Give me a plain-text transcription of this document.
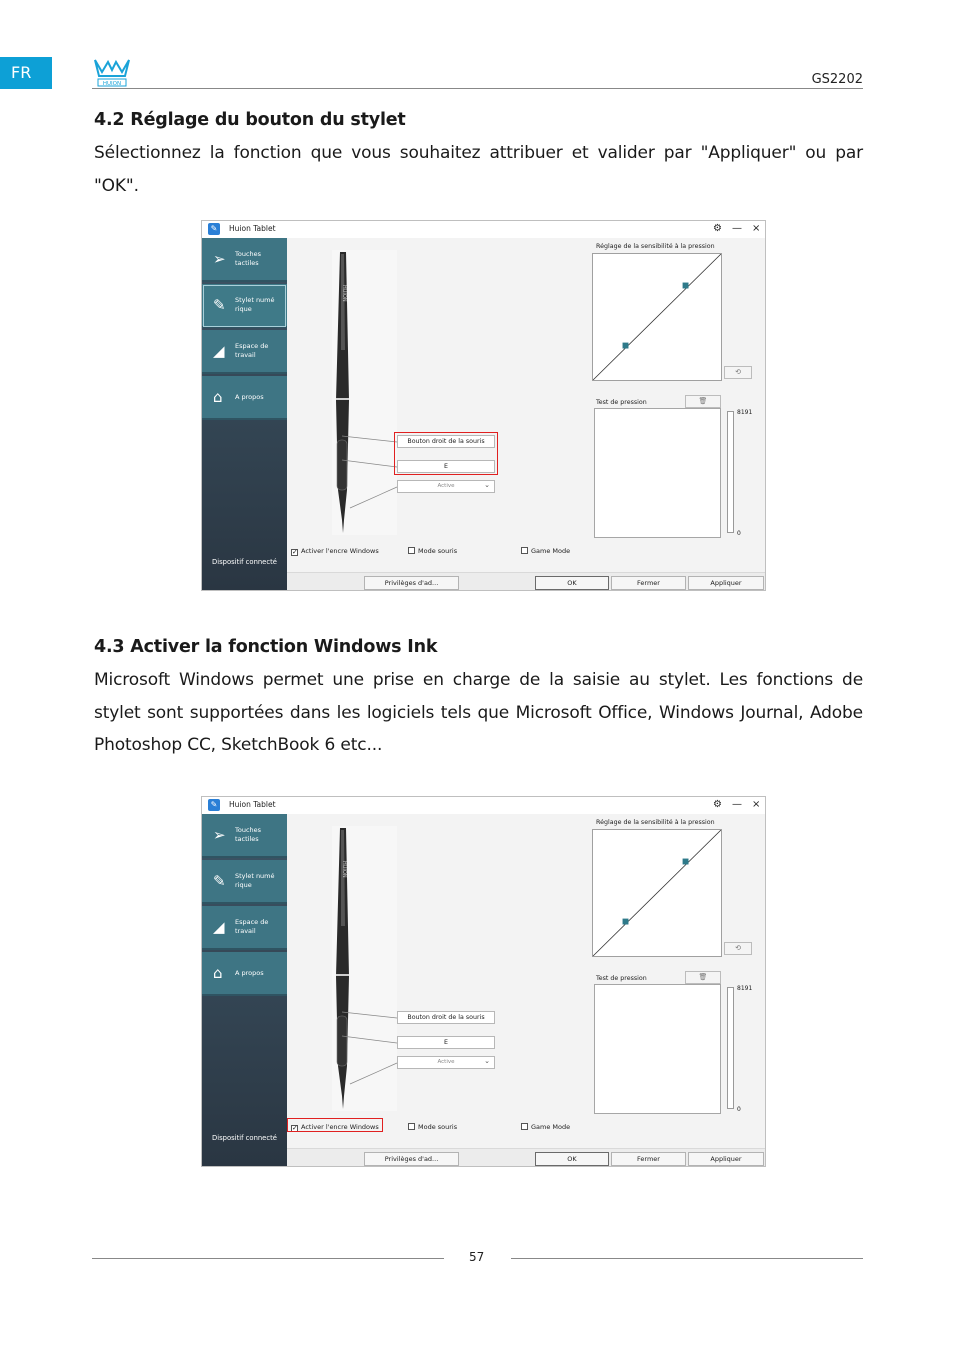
FR
HUION	GS2202
4.2 Réglage du bouton du stylet
Sélectionnez la fonction que vous souhaitez attribuer et valider par "Appliquer" ou par "OK".
✎	Huion Tablet	⚙ — ×
➢ Touches tactiles
✎ Stylet numé rique
◢ Espace de travail
⌂ A propos
Dispositif connecté
HUION
Bouton droit de la souris
E
Active	⌄
Réglage de la sensibilité à la pression
⟲
Test de pression	🗑
8191
0
✓ Activer l'encre Windows	Mode souris	Game Mode
Privilèges d'ad...	OK	Fermer	Appliquer
4.3 Activer la fonction Windows Ink
Microsoft Windows permet une prise en charge de la saisie au stylet. Les fonctions de stylet sont supportées dans les logiciels tels que Microsoft Office, Windows Journal, Adobe Photoshop CC, SketchBook 6 etc...
✎	Huion Tablet	⚙ — ×
➢ Touches tactiles
✎ Stylet numé rique
◢ Espace de travail
⌂ A propos
Dispositif connecté
HUION
Bouton droit de la souris
E
Active	⌄
Réglage de la sensibilité à la pression
⟲
Test de pression	🗑
8191
0
✓ Activer l'encre Windows	Mode souris	Game Mode
Privilèges d'ad...	OK	Fermer	Appliquer
57
